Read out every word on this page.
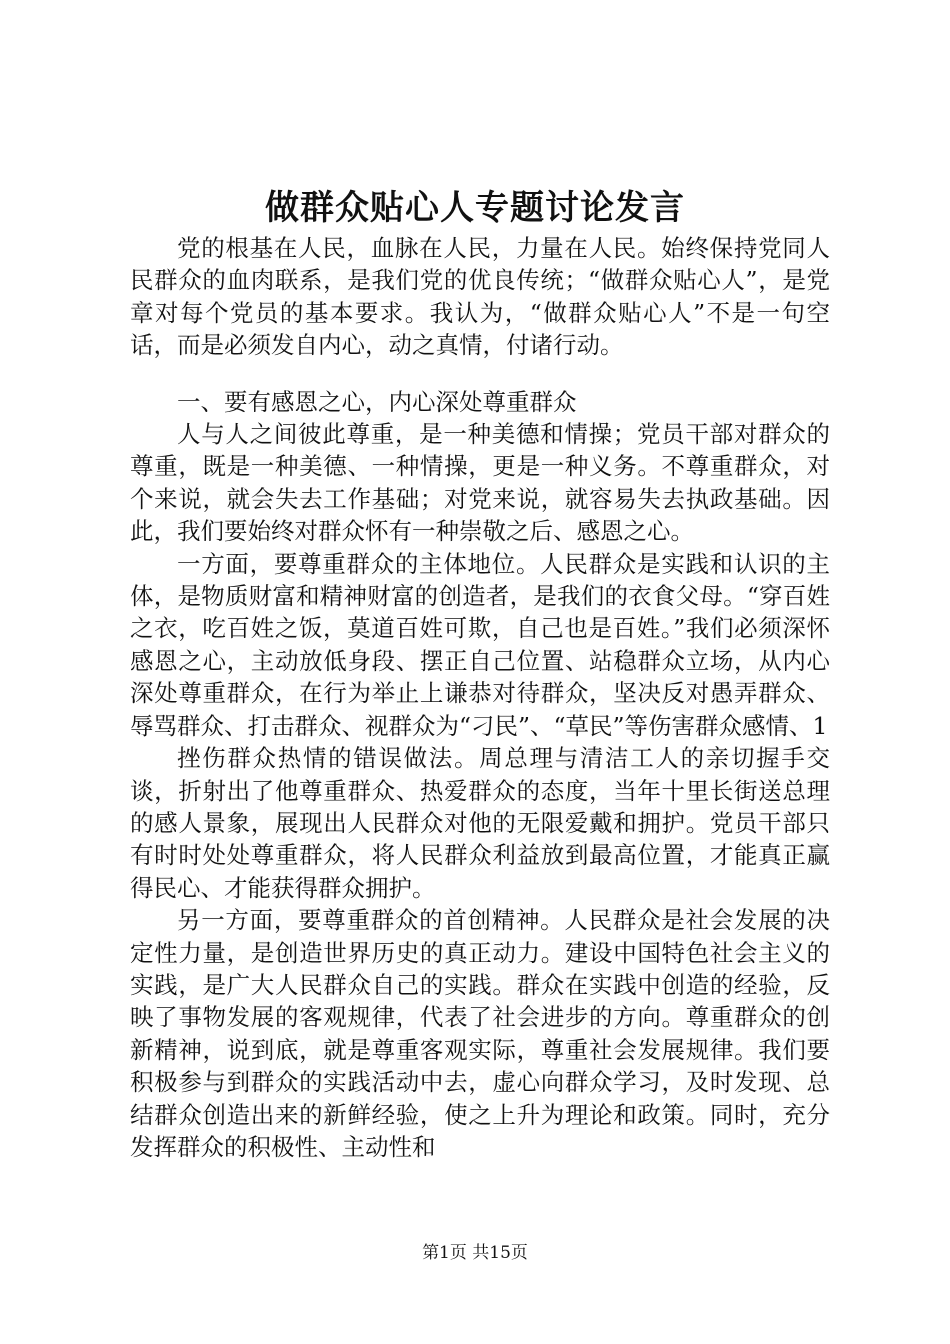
做群众贴心人专题讨论发言

党的根基在人民，血脉在人民，力量在人民。始终保持党同人民群众的血肉联系，是我们党的优良传统；“做群众贴心人”，是党章对每个党员的基本要求。我认为，“做群众贴心人”不是一句空话，而是必须发自内心，动之真情，付诸行动。

一、要有感恩之心，内心深处尊重群众

人与人之间彼此尊重，是一种美德和情操；党员干部对群众的尊重，既是一种美德、一种情操，更是一种义务。不尊重群众，对个来说，就会失去工作基础；对党来说，就容易失去执政基础。因此，我们要始终对群众怀有一种崇敬之后、感恩之心。

一方面，要尊重群众的主体地位。人民群众是实践和认识的主体，是物质财富和精神财富的创造者，是我们的衣食父母。“穿百姓之衣，吃百姓之饭，莫道百姓可欺，自己也是百姓。”我们必须深怀感恩之心，主动放低身段、摆正自己位置、站稳群众立场，从内心深处尊重群众，在行为举止上谦恭对待群众，坚决反对愚弄群众、辱骂群众、打击群众、视群众为“刁民”、“草民”等伤害群众感情、1

挫伤群众热情的错误做法。周总理与清洁工人的亲切握手交谈，折射出了他尊重群众、热爱群众的态度，当年十里长街送总理的感人景象，展现出人民群众对他的无限爱戴和拥护。党员干部只有时时处处尊重群众，将人民群众利益放到最高位置，才能真正赢得民心、才能获得群众拥护。

另一方面，要尊重群众的首创精神。人民群众是社会发展的决定性力量，是创造世界历史的真正动力。建设中国特色社会主义的实践，是广大人民群众自己的实践。群众在实践中创造的经验，反映了事物发展的客观规律，代表了社会进步的方向。尊重群众的创新精神，说到底，就是尊重客观实际，尊重社会发展规律。我们要积极参与到群众的实践活动中去，虚心向群众学习，及时发现、总结群众创造出来的新鲜经验，使之上升为理论和政策。同时，充分发挥群众的积极性、主动性和

第1页 共15页
